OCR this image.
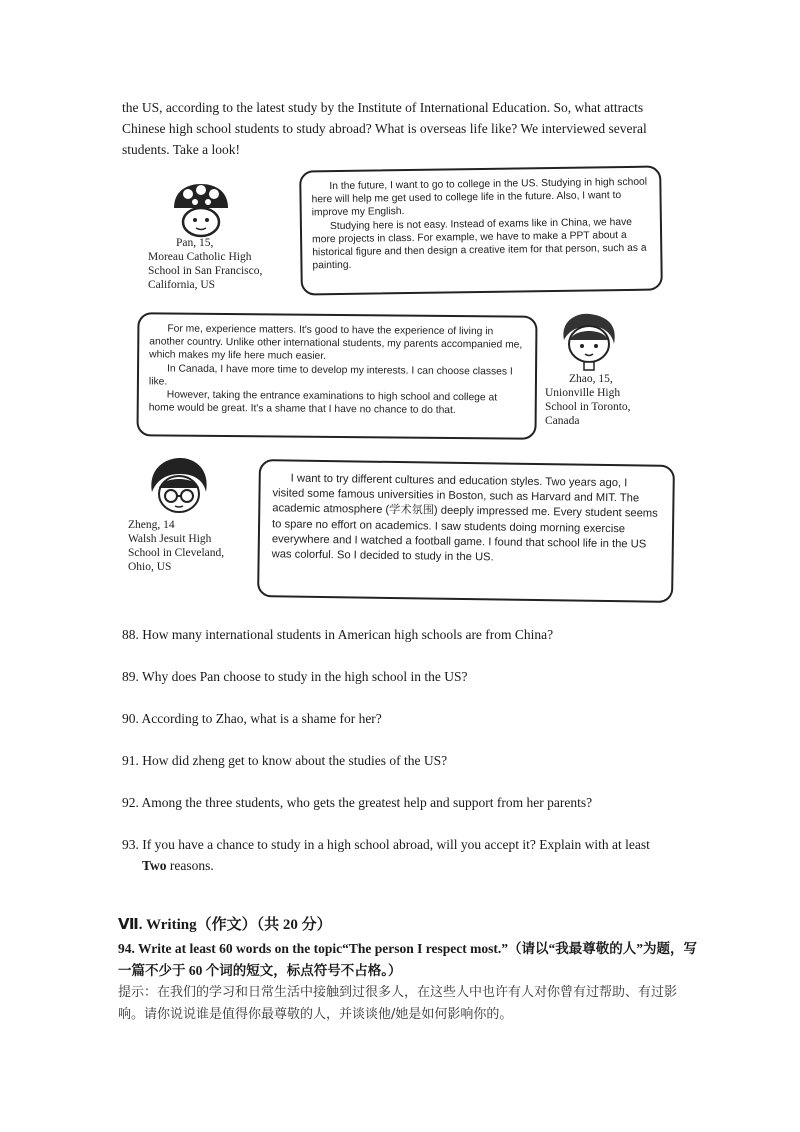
the US, according to the latest study by the Institute of International Education. So, what attracts

Chinese high school students to study abroad? What is overseas life like? We interviewed several

students. Take a look!

Pan, 15,
Moreau Catholic High
School in San Francisco,
California, US

In the future, I want to go to college in the US. Studying in high school here will help me get used to college life in the future. Also, I want to improve my English.

Studying here is not easy. Instead of exams like in China, we have more projects in class. For example, we have to make a PPT about a historical figure and then design a creative item for that person, such as a painting.

For me, experience matters. It's good to have the experience of living in another country. Unlike other international students, my parents accompanied me, which makes my life here much easier.

In Canada, I have more time to develop my interests. I can choose classes I like.

However, taking the entrance examinations to high school and college at home would be great. It's a shame that I have no chance to do that.

Zhao, 15,
Unionville High
School in Toronto,
Canada
Zheng, 14
Walsh Jesuit High
School in Cleveland,
Ohio, US

I want to try different cultures and education styles. Two years ago, I visited some famous universities in Boston, such as Harvard and MIT. The academic atmosphere (学术氛围) deeply impressed me. Every student seems to spare no effort on academics. I saw students doing morning exercise everywhere and I watched a football game. I found that school life in the US was colorful. So I decided to study in the US.

88. How many international students in American high schools are from China?

89. Why does Pan choose to study in the high school in the US?

90. According to Zhao, what is a shame for her?

91. How did zheng get to know about the studies of the US?

92. Among the three students, who gets the greatest help and support from her parents?

93. If you have a chance to study in a high school abroad, will you accept it? Explain with at least
Two reasons.

Ⅶ. Writing（作文）（共 20 分）

94. Write at least 60 words on the topic“The person I respect most.”（请以“我最尊敬的人”为题，写一篇不少于 60 个词的短文，标点符号不占格。）

提示：在我们的学习和日常生活中接触到过很多人，在这些人中也许有人对你曾有过帮助、有过影响。请你说说谁是值得你最尊敬的人，并谈谈他/她是如何影响你的。
